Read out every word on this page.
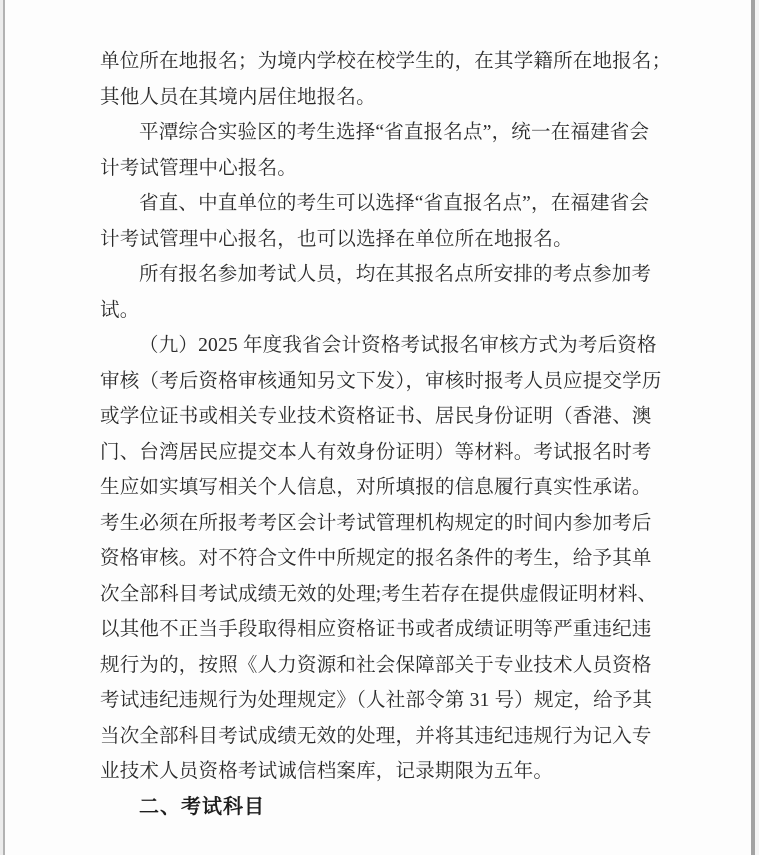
单位所在地报名；为境内学校在校学生的，在其学籍所在地报名；
其他人员在其境内居住地报名。
平潭综合实验区的考生选择“省直报名点”，统一在福建省会
计考试管理中心报名。
省直、中直单位的考生可以选择“省直报名点”，在福建省会
计考试管理中心报名，也可以选择在单位所在地报名。
所有报名参加考试人员，均在其报名点所安排的考点参加考
试。
（九）2025 年度我省会计资格考试报名审核方式为考后资格
审核（考后资格审核通知另文下发），审核时报考人员应提交学历
或学位证书或相关专业技术资格证书、居民身份证明（香港、澳
门、台湾居民应提交本人有效身份证明）等材料。考试报名时考
生应如实填写相关个人信息，对所填报的信息履行真实性承诺。
考生必须在所报考考区会计考试管理机构规定的时间内参加考后
资格审核。对不符合文件中所规定的报名条件的考生，给予其单
次全部科目考试成绩无效的处理;考生若存在提供虚假证明材料、
以其他不正当手段取得相应资格证书或者成绩证明等严重违纪违
规行为的，按照《人力资源和社会保障部关于专业技术人员资格
考试违纪违规行为处理规定》（人社部令第 31 号）规定，给予其
当次全部科目考试成绩无效的处理，并将其违纪违规行为记入专
业技术人员资格考试诚信档案库，记录期限为五年。
二、考试科目
